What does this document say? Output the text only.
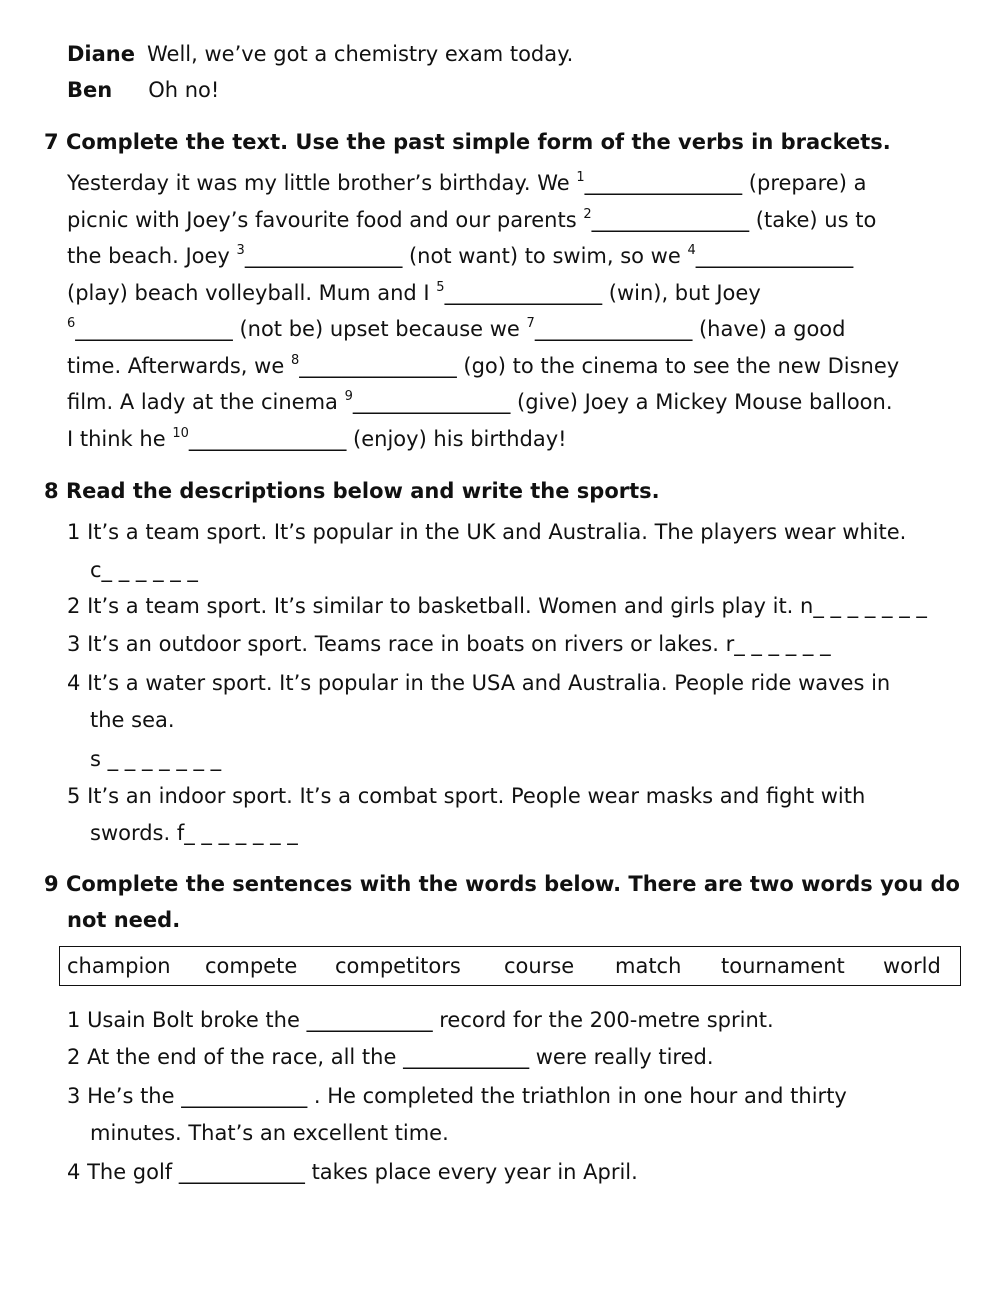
Diane Well, we’ve got a chemistry exam today.
Ben Oh no!
7 Complete the text. Use the past simple form of the verbs in brackets.
Yesterday it was my little brother’s birthday. We $^1$_______________ (prepare) a
picnic with Joey’s favourite food and our parents $^2$_______________ (take) us to
the beach. Joey $^3$_______________ (not want) to swim, so we $^4$_______________
(play) beach volleyball. Mum and I $^5$_______________ (win), but Joey
$^6$_______________ (not be) upset because we $^7$_______________ (have) a good
time. Afterwards, we $^8$_______________ (go) to the cinema to see the new Disney
film. A lady at the cinema $^9$_______________ (give) Joey a Mickey Mouse balloon.
I think he $^{10}$_______________ (enjoy) his birthday!
8 Read the descriptions below and write the sports.
1 It’s a team sport. It’s popular in the UK and Australia. The players wear white.
c_ _ _ _ _ _
2 It’s a team sport. It’s similar to basketball. Women and girls play it. n_ _ _ _ _ _ _
3 It’s an outdoor sport. Teams race in boats on rivers or lakes. r_ _ _ _ _ _
4 It’s a water sport. It’s popular in the USA and Australia. People ride waves in
the sea.
s _ _ _ _ _ _ _
5 It’s an indoor sport. It’s a combat sport. People wear masks and fight with
swords. f_ _ _ _ _ _ _
9 Complete the sentences with the words below. There are two words you do
not need.
champion compete competitors course match tournament world
1 Usain Bolt broke the ____________ record for the 200-metre sprint.
2 At the end of the race, all the ____________ were really tired.
3 He’s the ____________ . He completed the triathlon in one hour and thirty
minutes. That’s an excellent time.
4 The golf ____________ takes place every year in April.
